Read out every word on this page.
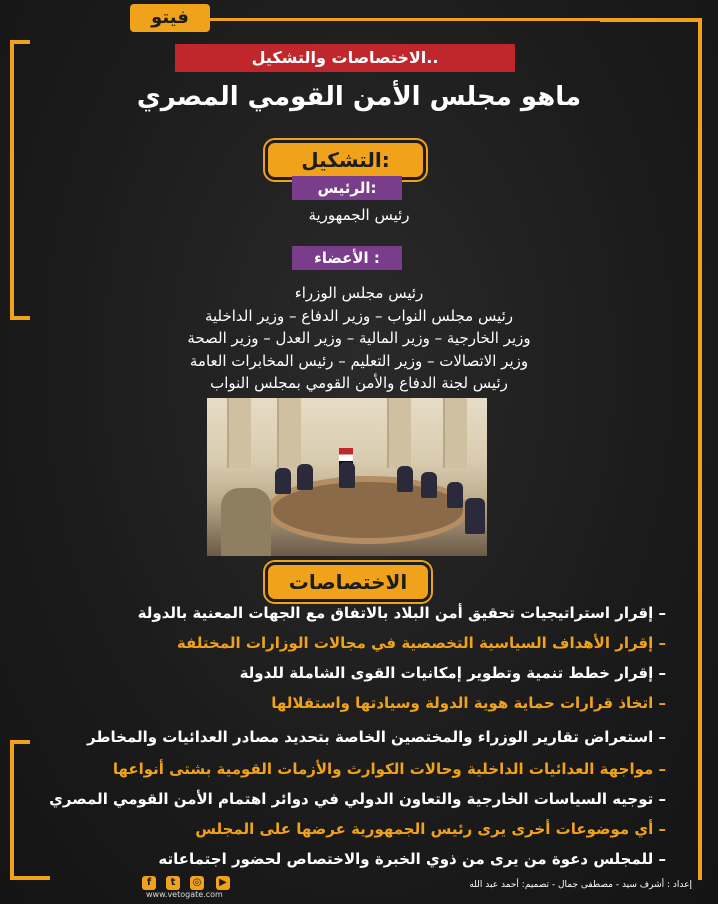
فيتو
الاختصاصات والتشكيل..
ماهو مجلس الأمن القومي المصري
التشكيل:
الرئيس:
رئيس الجمهورية
الأعضاء :
رئيس مجلس الوزراء
رئيس مجلس النواب – وزير الدفاع – وزير الداخلية
وزير الخارجية – وزير المالية – وزير العدل – وزير الصحة
وزير الاتصالات – وزير التعليم – رئيس المخابرات العامة
رئيس لجنة الدفاع والأمن القومي بمجلس النواب
الاختصاصات
– إقرار استراتيجيات تحقيق أمن البلاد بالاتفاق مع الجهات المعنية بالدولة
– إقرار الأهداف السياسية التخصصية في مجالات الوزارات المختلفة
– إقرار خطط تنمية وتطوير إمكانيات القوى الشاملة للدولة
– اتخاذ قرارات حماية هوية الدولة وسيادتها واستقلالها
– استعراض تقارير الوزراء والمختصين الخاصة بتحديد مصادر العدائيات والمخاطر
– مواجهة العدائيات الداخلية وحالات الكوارث والأزمات القومية بشتى أنواعها
– توجيه السياسات الخارجية والتعاون الدولي في دوائر اهتمام الأمن القومي المصري
– أي موضوعات أخرى يرى رئيس الجمهورية عرضها على المجلس
– للمجلس دعوة من يرى من ذوي الخبرة والاختصاص لحضور اجتماعاته
f	t	◎	▶
www.vetogate.com
إعداد : أشرف سيد - مصطفى جمال - تصميم: أحمد عبد الله
